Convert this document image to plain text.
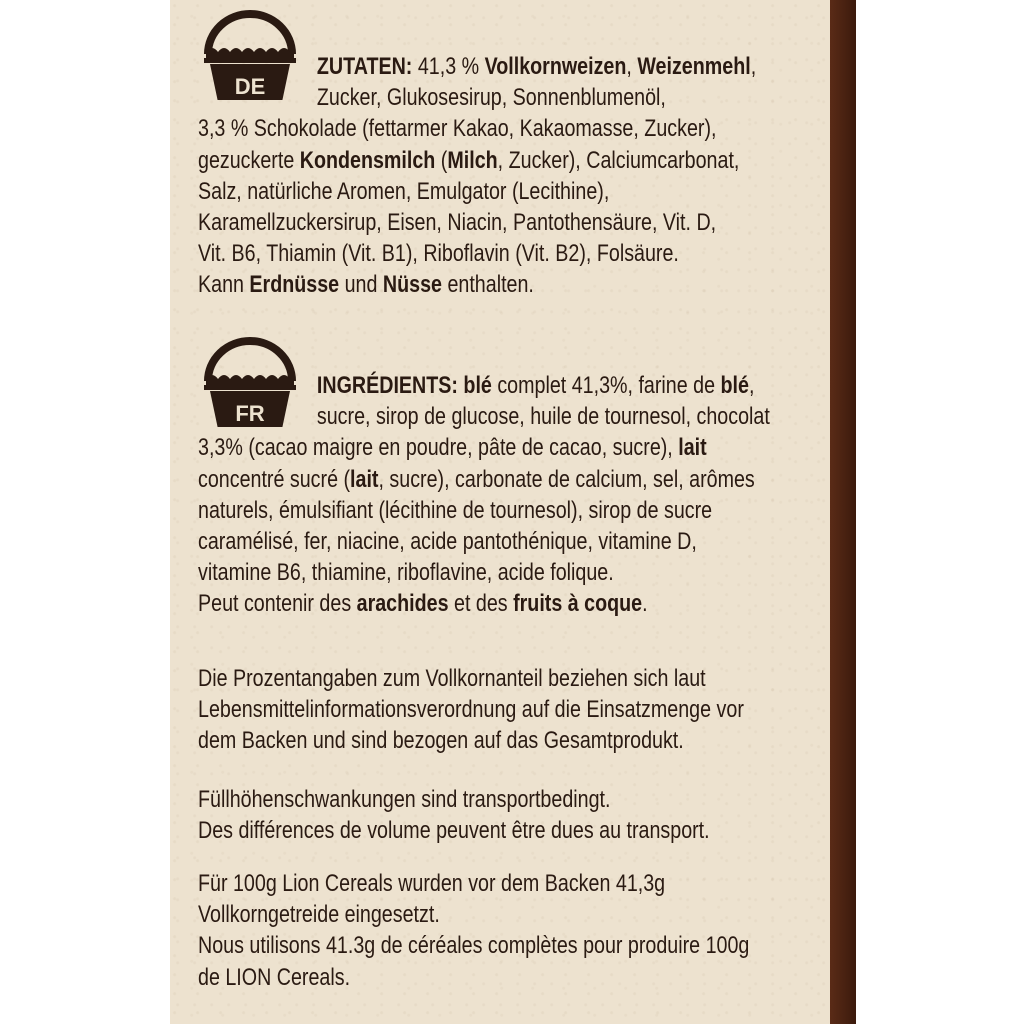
DE
FR
ZUTATEN: 41,3 % Vollkornweizen, Weizenmehl,
Zucker, Glukosesirup, Sonnenblumenöl,
3,3 % Schokolade (fettarmer Kakao, Kakaomasse, Zucker),
gezuckerte Kondensmilch (Milch, Zucker), Calciumcarbonat,
Salz, natürliche Aromen, Emulgator (Lecithine),
Karamellzuckersirup, Eisen, Niacin, Pantothensäure, Vit. D,
Vit. B6, Thiamin (Vit. B1), Riboflavin (Vit. B2), Folsäure.
Kann Erdnüsse und Nüsse enthalten.
INGRÉDIENTS: blé complet 41,3%, farine de blé,
sucre, sirop de glucose, huile de tournesol, chocolat
3,3% (cacao maigre en poudre, pâte de cacao, sucre), lait
concentré sucré (lait, sucre), carbonate de calcium, sel, arômes
naturels, émulsifiant (lécithine de tournesol), sirop de sucre
caramélisé, fer, niacine, acide pantothénique, vitamine D,
vitamine B6, thiamine, riboflavine, acide folique.
Peut contenir des arachides et des fruits à coque.
Die Prozentangaben zum Vollkornanteil beziehen sich laut
Lebensmittelinformationsverordnung auf die Einsatzmenge vor
dem Backen und sind bezogen auf das Gesamtprodukt.
Füllhöhenschwankungen sind transportbedingt.
Des différences de volume peuvent être dues au transport.
Für 100g Lion Cereals wurden vor dem Backen 41,3g
Vollkorngetreide eingesetzt.
Nous utilisons 41.3g de céréales complètes pour produire 100g
de LION Cereals.
